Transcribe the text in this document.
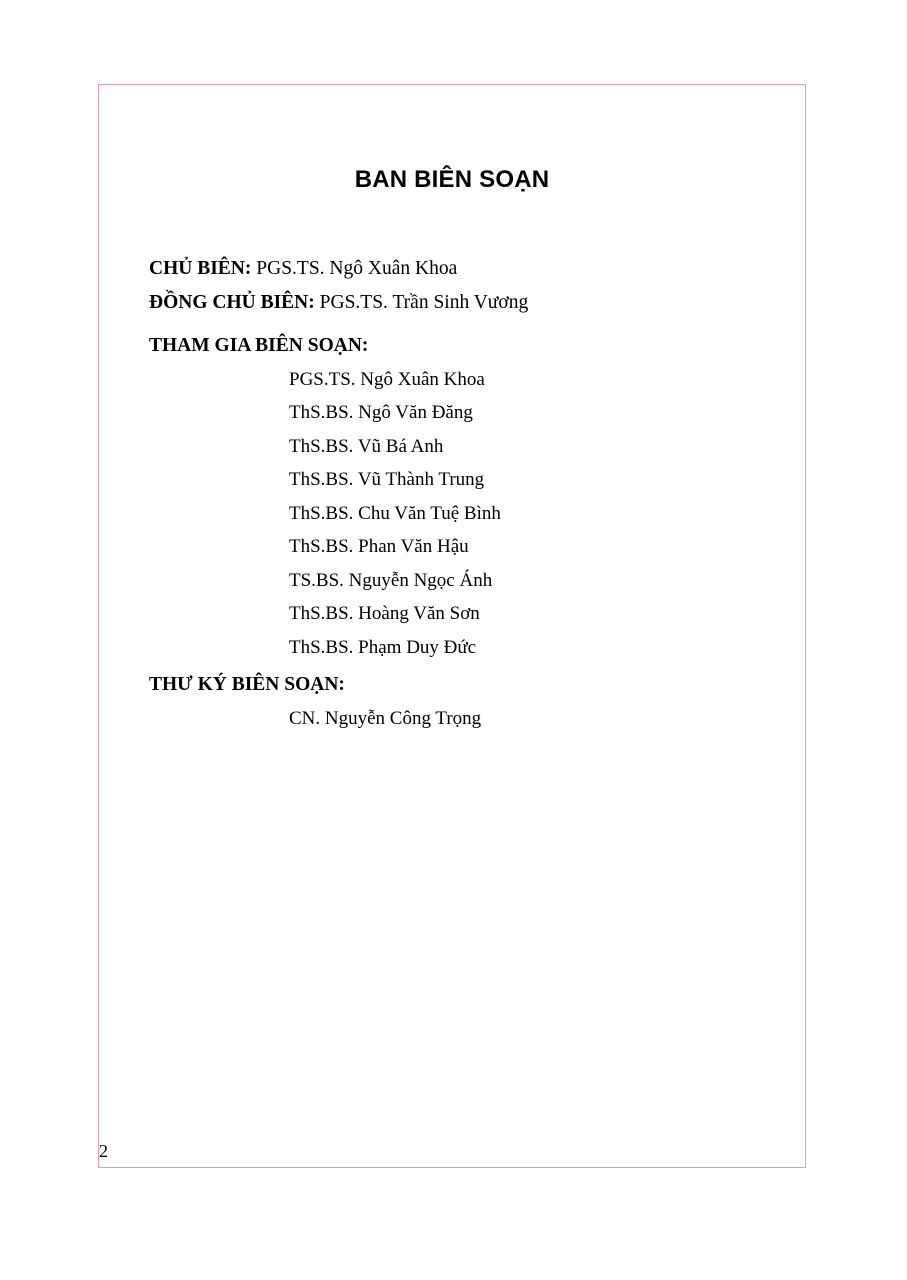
BAN BIÊN SOẠN
CHỦ BIÊN: PGS.TS. Ngô Xuân Khoa
ĐỒNG CHỦ BIÊN: PGS.TS. Trần Sinh Vương
THAM GIA BIÊN SOẠN:
PGS.TS. Ngô Xuân Khoa
ThS.BS. Ngô Văn Đăng
ThS.BS. Vũ Bá Anh
ThS.BS. Vũ Thành Trung
ThS.BS. Chu Văn Tuệ Bình
ThS.BS. Phan Văn Hậu
TS.BS. Nguyễn Ngọc Ánh
ThS.BS. Hoàng Văn Sơn
ThS.BS. Phạm Duy Đức
THƯ KÝ BIÊN SOẠN:
CN. Nguyễn Công Trọng
2
